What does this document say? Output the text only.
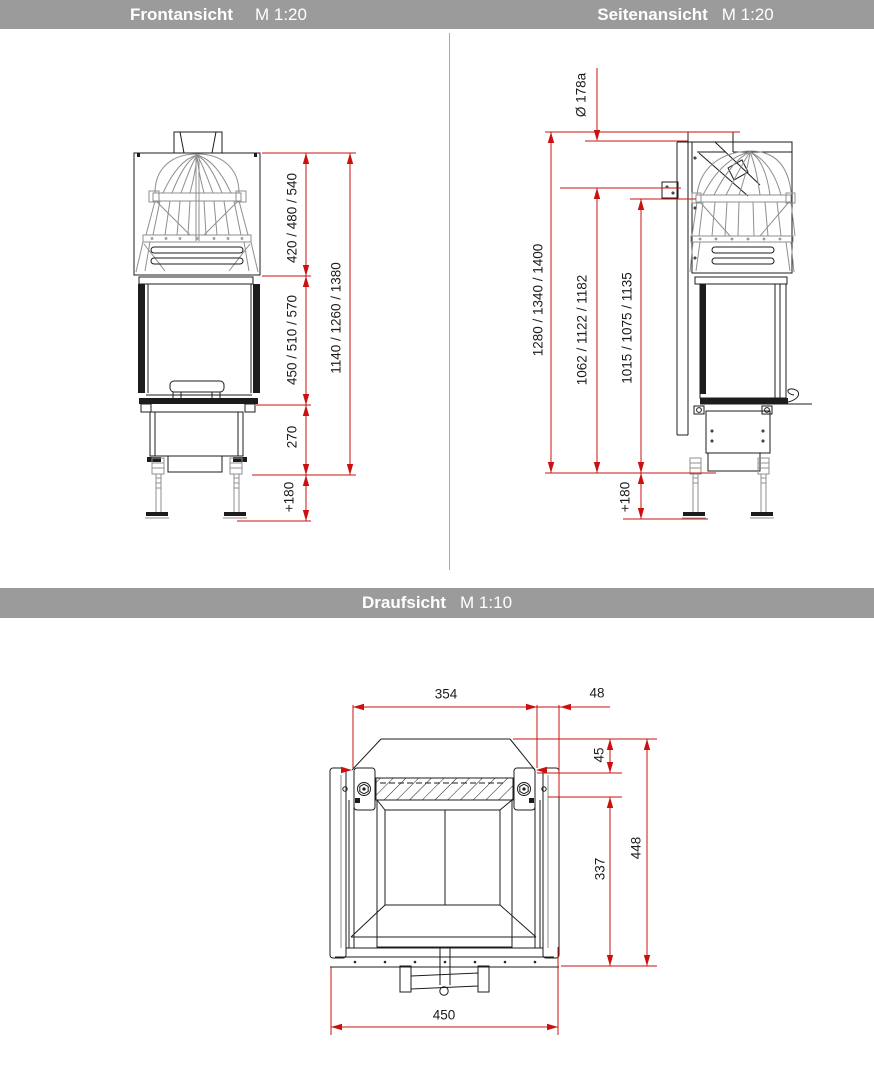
Frontansicht M 1:20	Seitenansicht M 1:20
Draufsicht M 1:10
420 / 480 / 540
450 / 510 / 570
270
+180
1140 / 1260 / 1380
Ø 178a
1280 / 1340 / 1400 1062 / 1122 / 1182 1015 / 1075 / 1135
+180
354	48
45
337
448
450
